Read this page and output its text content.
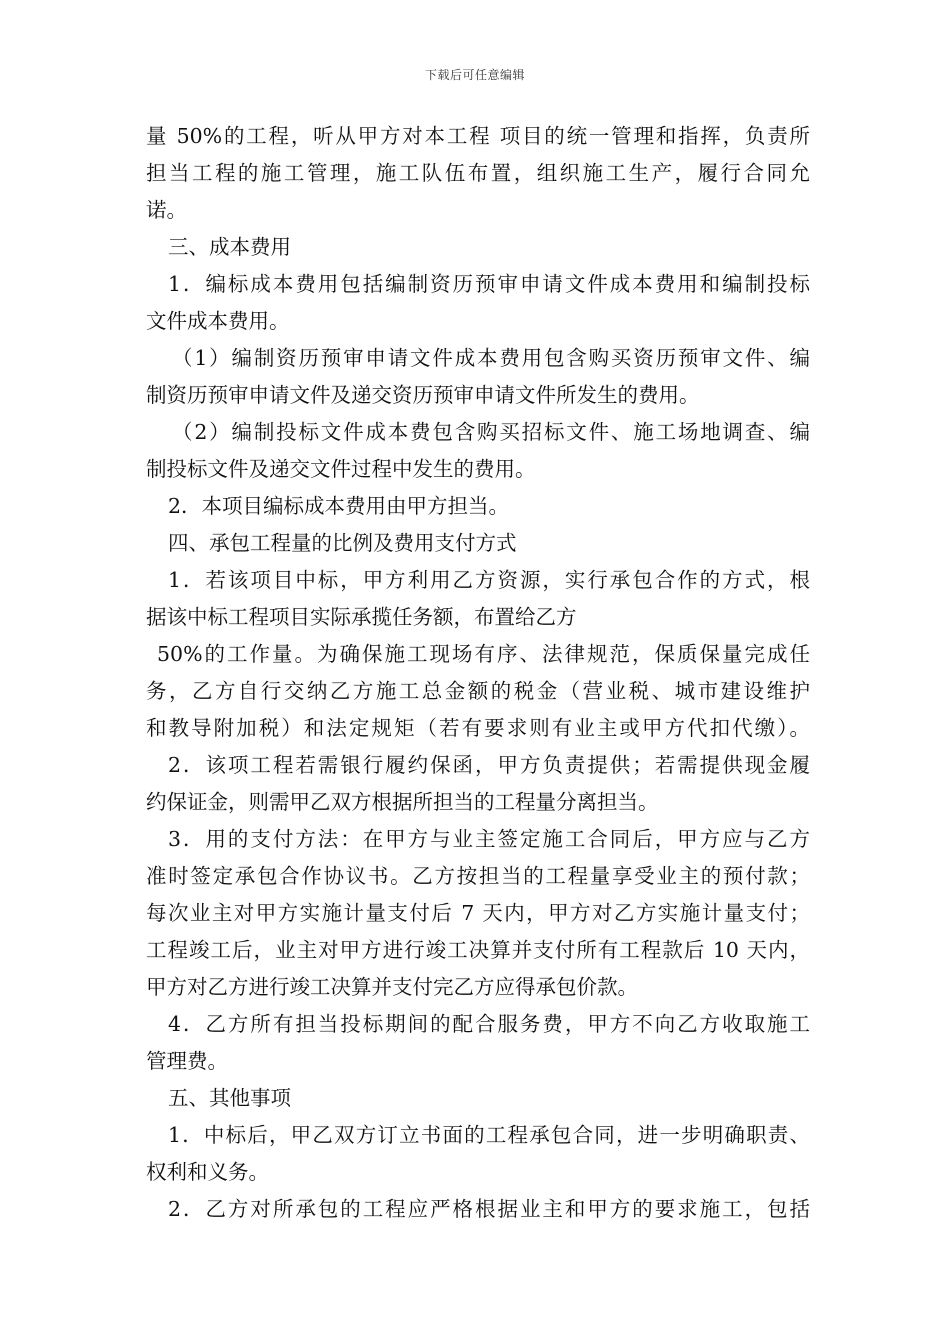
下载后可任意编辑
量 50%的工程，听从甲方对本工程 项目的统一管理和指挥，负责所
担当工程的施工管理，施工队伍布置，组织施工生产，履行合同允
诺。
三、成本费用
1．编标成本费用包括编制资历预审申请文件成本费用和编制投标
文件成本费用。
（1）编制资历预审申请文件成本费用包含购买资历预审文件、编
制资历预审申请文件及递交资历预审申请文件所发生的费用。
（2）编制投标文件成本费包含购买招标文件、施工场地调查、编
制投标文件及递交文件过程中发生的费用。
2．本项目编标成本费用由甲方担当。
四、承包工程量的比例及费用支付方式
1．若该项目中标，甲方利用乙方资源，实行承包合作的方式，根
据该中标工程项目实际承揽任务额，布置给乙方
50%的工作量。为确保施工现场有序、法律规范，保质保量完成任
务，乙方自行交纳乙方施工总金额的税金（营业税、城市建设维护
和教导附加税）和法定规矩（若有要求则有业主或甲方代扣代缴）。
2．该项工程若需银行履约保函，甲方负责提供；若需提供现金履
约保证金，则需甲乙双方根据所担当的工程量分离担当。
3．用的支付方法：在甲方与业主签定施工合同后，甲方应与乙方
准时签定承包合作协议书。乙方按担当的工程量享受业主的预付款；
每次业主对甲方实施计量支付后 7 天内，甲方对乙方实施计量支付；
工程竣工后，业主对甲方进行竣工决算并支付所有工程款后 10 天内，
甲方对乙方进行竣工决算并支付完乙方应得承包价款。
4．乙方所有担当投标期间的配合服务费，甲方不向乙方收取施工
管理费。
五、其他事项
1．中标后，甲乙双方订立书面的工程承包合同，进一步明确职责、
权利和义务。
2．乙方对所承包的工程应严格根据业主和甲方的要求施工，包括
